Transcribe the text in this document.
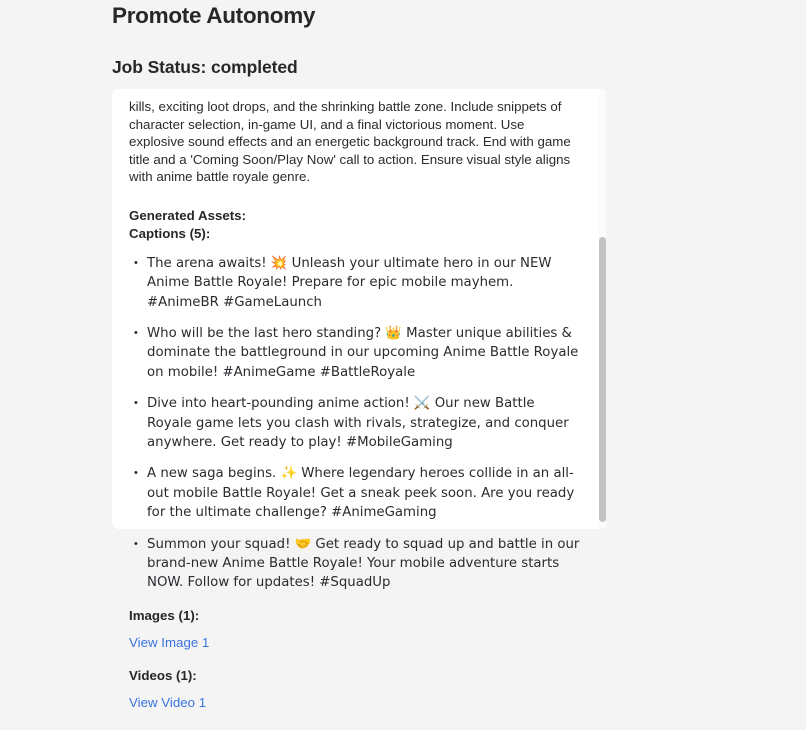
Promote Autonomy
Job Status: completed

kills, exciting loot drops, and the shrinking battle zone. Include snippets of character selection, in-game UI, and a final victorious moment. Use explosive sound effects and an energetic background track. End with game title and a 'Coming Soon/Play Now' call to action. Ensure visual style aligns with anime battle royale genre.

Generated Assets:

Captions (5):

• The arena awaits! 💥 Unleash your ultimate hero in our NEW Anime Battle Royale! Prepare for epic mobile mayhem. #AnimeBR #GameLaunch
• Who will be the last hero standing? 👑 Master unique abilities & dominate the battleground in our upcoming Anime Battle Royale on mobile! #AnimeGame #BattleRoyale
• Dive into heart-pounding anime action! ⚔️ Our new Battle Royale game lets you clash with rivals, strategize, and conquer anywhere. Get ready to play! #MobileGaming
• A new saga begins. ✨ Where legendary heroes collide in an all-out mobile Battle Royale! Get a sneak peek soon. Are you ready for the ultimate challenge? #AnimeGaming
• Summon your squad! 🤝 Get ready to squad up and battle in our brand-new Anime Battle Royale! Your mobile adventure starts NOW. Follow for updates! #SquadUp

Images (1):

View Image 1

Videos (1):

View Video 1
